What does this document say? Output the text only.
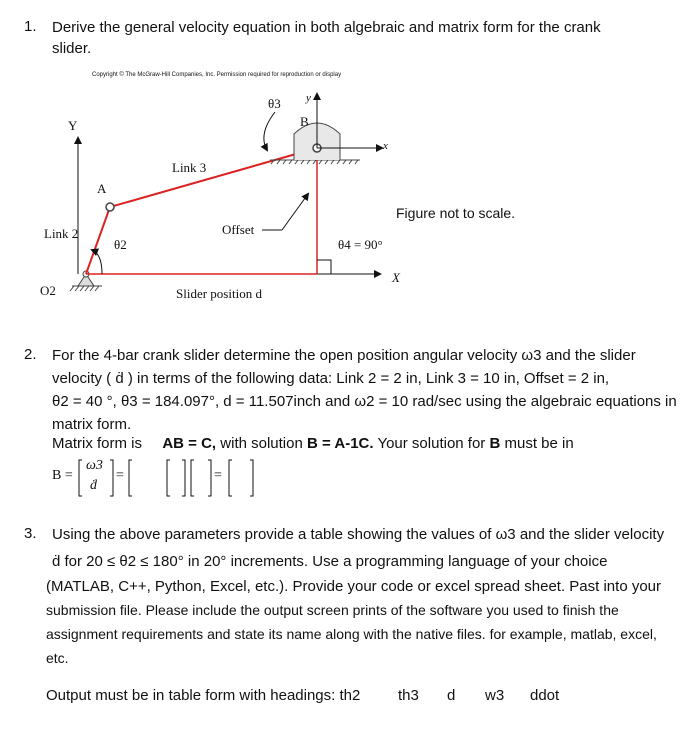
1. Derive the general velocity equation in both algebraic and matrix form for the crank
slider.
Copyright © The McGraw-Hill Companies, Inc. Permission required for reproduction or display
θ3 y
B
x
Y
Link 3
A
Offset
Link 2
θ2	θ4 = 90°
X
O2	Slider position d
Figure not to scale.
2. For the 4-bar crank slider determine the open position angular velocity ω3 and the slider
velocity ( ḋ ) in terms of the following data: Link 2 = 2 in, Link 3 = 10 in, Offset = 2 in,
θ2 = 40 °, θ3 = 184.097°, d = 11.507inch and ω2 = 10 rad/sec using the algebraic equations in
matrix form.
Matrix form is AB = C, with solution B = A-1C. Your solution for B must be in
B =
ω3
ḋ
=	=
3. Using the above parameters provide a table showing the values of ω3 and the slider velocity
ḋ for 20 ≤ θ2 ≤ 180° in 20° increments. Use a programming language of your choice
(MATLAB, C++, Python, Excel, etc.). Provide your code or excel spread sheet. Past into your
submission file. Please include the output screen prints of the software you used to finish the
assignment requirements and state its name along with the native files. for example, matlab, excel,
etc.
Output must be in table form with headings: th2	th3 d w3 ddot
